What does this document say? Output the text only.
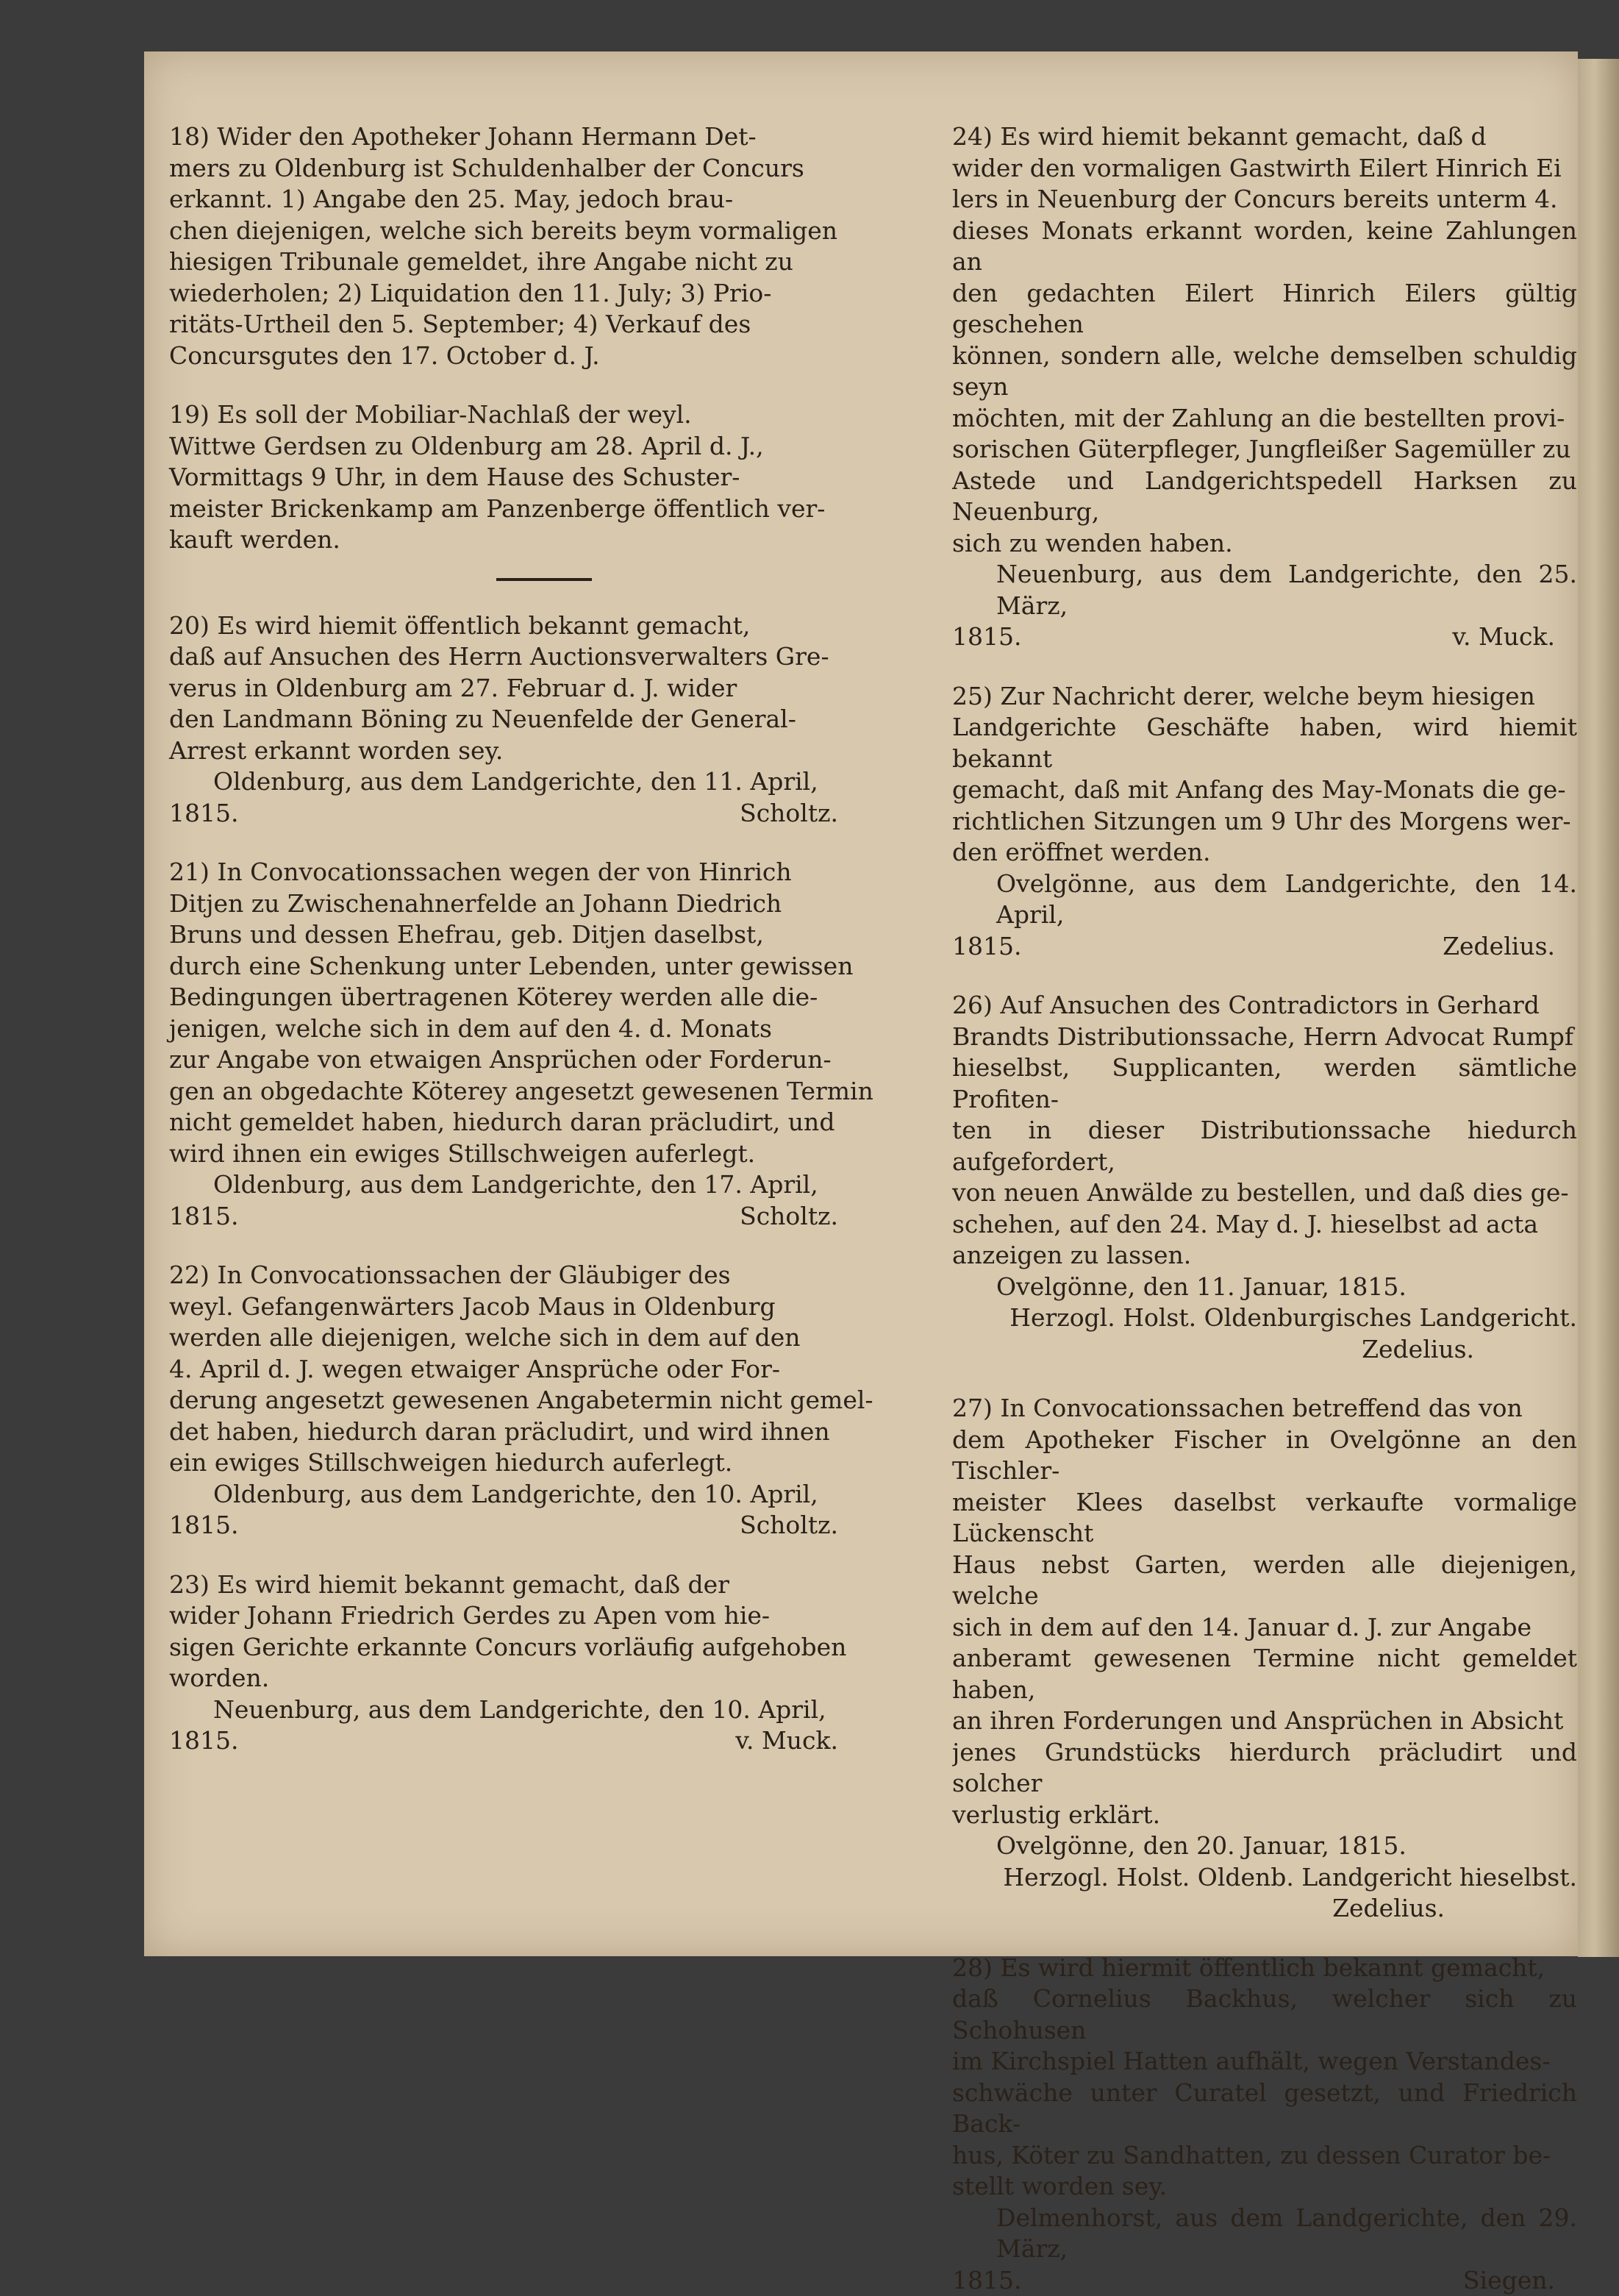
18) Wider den Apotheker Johann Hermann Det-
mers zu Oldenburg ist Schuldenhalber der Concurs
erkannt. 1) Angabe den 25. May, jedoch brau-
chen diejenigen, welche sich bereits beym vormaligen
hiesigen Tribunale gemeldet, ihre Angabe nicht zu
wiederholen; 2) Liquidation den 11. July; 3) Prio-
ritäts-Urtheil den 5. September; 4) Verkauf des
Concursgutes den 17. October d. J.

19) Es soll der Mobiliar-Nachlaß der weyl.
Wittwe Gerdsen zu Oldenburg am 28. April d. J.,
Vormittags 9 Uhr, in dem Hause des Schuster-
meister Brickenkamp am Panzenberge öffentlich ver-
kauft werden.

20) Es wird hiemit öffentlich bekannt gemacht,
daß auf Ansuchen des Herrn Auctionsverwalters Gre-
verus in Oldenburg am 27. Februar d. J. wider
den Landmann Böning zu Neuenfelde der General-
Arrest erkannt worden sey.

Oldenburg, aus dem Landgerichte, den 11. April,

1815.	Scholtz.

21) In Convocationssachen wegen der von Hinrich
Ditjen zu Zwischenahnerfelde an Johann Diedrich
Bruns und dessen Ehefrau, geb. Ditjen daselbst,
durch eine Schenkung unter Lebenden, unter gewissen
Bedingungen übertragenen Köterey werden alle die-
jenigen, welche sich in dem auf den 4. d. Monats
zur Angabe von etwaigen Ansprüchen oder Forderun-
gen an obgedachte Köterey angesetzt gewesenen Termin
nicht gemeldet haben, hiedurch daran präcludirt, und
wird ihnen ein ewiges Stillschweigen auferlegt.

Oldenburg, aus dem Landgerichte, den 17. April,

1815.	Scholtz.

22) In Convocationssachen der Gläubiger des
weyl. Gefangenwärters Jacob Maus in Oldenburg
werden alle diejenigen, welche sich in dem auf den
4. April d. J. wegen etwaiger Ansprüche oder For-
derung angesetzt gewesenen Angabetermin nicht gemel-
det haben, hiedurch daran präcludirt, und wird ihnen
ein ewiges Stillschweigen hiedurch auferlegt.

Oldenburg, aus dem Landgerichte, den 10. April,

1815.	Scholtz.

23) Es wird hiemit bekannt gemacht, daß der
wider Johann Friedrich Gerdes zu Apen vom hie-
sigen Gerichte erkannte Concurs vorläufig aufgehoben
worden.

Neuenburg, aus dem Landgerichte, den 10. April,

1815.	v. Muck.

24) Es wird hiemit bekannt gemacht, daß d
wider den vormaligen Gastwirth Eilert Hinrich Ei
lers in Neuenburg der Concurs bereits unterm 4.
dieses Monats erkannt worden, keine Zahlungen an
den gedachten Eilert Hinrich Eilers gültig geschehen
können, sondern alle, welche demselben schuldig seyn
möchten, mit der Zahlung an die bestellten provi-
sorischen Güterpfleger, Jungfleißer Sagemüller zu
Astede und Landgerichtspedell Harksen zu Neuenburg,
sich zu wenden haben.

Neuenburg, aus dem Landgerichte, den 25. März,

1815.	v. Muck.

25) Zur Nachricht derer, welche beym hiesigen
Landgerichte Geschäfte haben, wird hiemit bekannt
gemacht, daß mit Anfang des May-Monats die ge-
richtlichen Sitzungen um 9 Uhr des Morgens wer-
den eröffnet werden.

Ovelgönne, aus dem Landgerichte, den 14. April,

1815.	Zedelius.

26) Auf Ansuchen des Contradictors in Gerhard
Brandts Distributionssache, Herrn Advocat Rumpf
hieselbst, Supplicanten, werden sämtliche Profiten-
ten in dieser Distributionssache hiedurch aufgefordert,
von neuen Anwälde zu bestellen, und daß dies ge-
schehen, auf den 24. May d. J. hieselbst ad acta
anzeigen zu lassen.

Ovelgönne, den 11. Januar, 1815.

Herzogl. Holst. Oldenburgisches Landgericht.

Zedelius.

27) In Convocationssachen betreffend das von
dem Apotheker Fischer in Ovelgönne an den Tischler-
meister Klees daselbst verkaufte vormalige Lückenscht
Haus nebst Garten, werden alle diejenigen, welche
sich in dem auf den 14. Januar d. J. zur Angabe
anberamt gewesenen Termine nicht gemeldet haben,
an ihren Forderungen und Ansprüchen in Absicht
jenes Grundstücks hierdurch präcludirt und solcher
verlustig erklärt.

Ovelgönne, den 20. Januar, 1815.

Herzogl. Holst. Oldenb. Landgericht hieselbst.

Zedelius.

28) Es wird hiermit öffentlich bekannt gemacht,
daß Cornelius Backhus, welcher sich zu Schohusen
im Kirchspiel Hatten aufhält, wegen Verstandes-
schwäche unter Curatel gesetzt, und Friedrich Back-
hus, Köter zu Sandhatten, zu dessen Curator be-
stellt worden sey.

Delmenhorst, aus dem Landgerichte, den 29. März,

1815.	Siegen.
